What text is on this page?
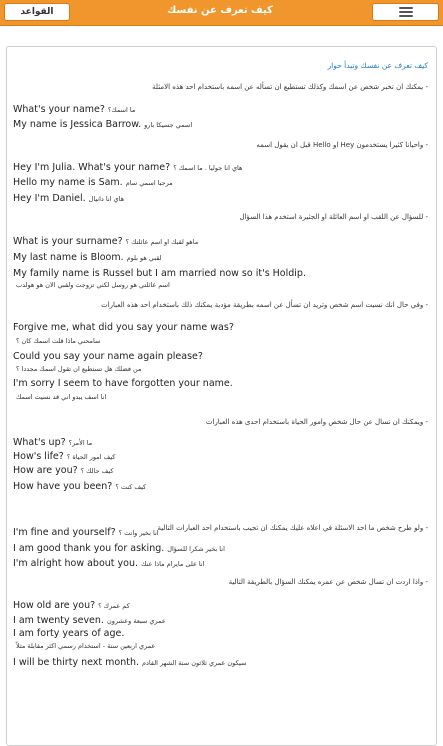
القواعد	كيف تعرف عن نفسك
كيف تعرف عن نفسك وتبدأ حوار
- يمكنك ان تخبر شخص عن اسمك وكذلك تستطيع ان تسأله عن اسمه باستخدام احد هذه الامثلة
What's your name? ما اسمك؟
My name is Jessica Barrow. اسمي جسيكا بارو
- واحيانا كثيرا يستخدمون Hey او Hello قبل ان يقول اسمه
Hey I'm Julia. What's your name? هاي انا جوليا . ما اسمك ؟
Hello my name is Sam. مرحبا اسمي سام
Hey I'm Daniel. هاي انا دانيال
- للسؤال عن اللقب او اسم العائلة او الجثيرة استخدم هذا السؤال
What is your surname? ماهو لقبك او اسم عائلتك ؟
My last name is Bloom. لقبي هو بلوم
My family name is Russel but I am married now so it's Holdip.
اسم عائلتي هو روسل لكني تزوجت ولقبي الان هو هولدب
- وفي حال انك نسيت اسم شخص وتريد ان تسأل عن اسمه بطريقة مؤدبة يمكنك ذلك باستخدام احد هذه العبارات
Forgive me, what did you say your name was?
سامحني ماذا قلت اسمك كان ؟
Could you say your name again please?
من فضلك هل تستطيع ان تقول اسمك مجددا ؟
I'm sorry I seem to have forgotten your name.
انا اسف يبدو اني قد نسيت اسمك
- ويمكنك ان تسال عن حال شخص وامور الحياة باستخدام احدى هذه العبارات
What's up? ما الأمر؟
How's life? كيف امور الحياة ؟
How are you? كيف حالك ؟
How have you been? كيف كنت ؟
- ولو طرح شخص ما احد الاسئلة في اعلاه عليك يمكنك ان تجيب باستخدام احد العبارات التالية
I'm fine and yourself? انا بخير وانت ؟
I am good thank you for asking. انا بخير شكرا للسؤال
I'm alright how about you. انا على مايرام ماذا عنك
- واذا اردت ان تسال شخص عن عمره يمكنك السؤال بالطريقة التالية
How old are you? كم عمرك ؟
I am twenty seven. عمري سبعة وعشرون
I am forty years of age.
عمري اربعين سنة - استخدام رسمي اكثر مقابلة مثلاً
I will be thirty next month. سيكون عمري ثلاثون سنة الشهر القادم
